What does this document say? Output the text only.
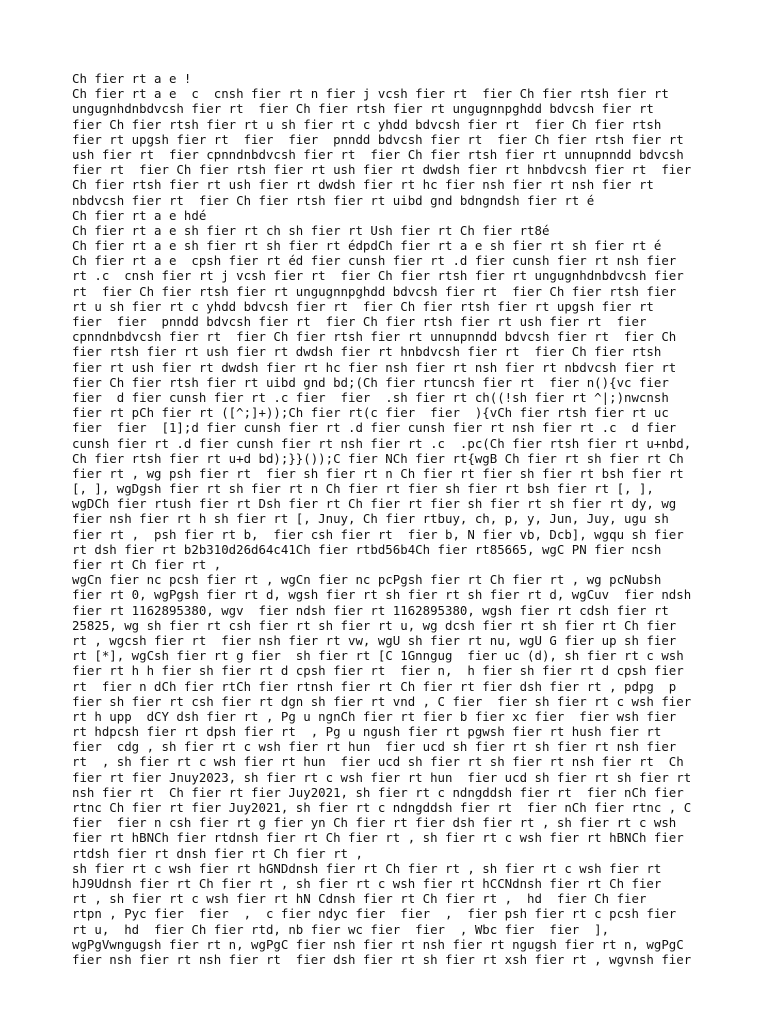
Ch fier rt a e !
Ch fier rt a e  c  cnsh fier rt n fier j vcsh fier rt  fier Ch fier rtsh fier rt
ungugnhdnbdvcsh fier rt  fier Ch fier rtsh fier rt ungugnnpghdd bdvcsh fier rt
fier Ch fier rtsh fier rt u sh fier rt c yhdd bdvcsh fier rt  fier Ch fier rtsh
fier rt upgsh fier rt  fier  fier  pnndd bdvcsh fier rt  fier Ch fier rtsh fier rt
ush fier rt  fier cpnndnbdvcsh fier rt  fier Ch fier rtsh fier rt unnupnndd bdvcsh
fier rt  fier Ch fier rtsh fier rt ush fier rt dwdsh fier rt hnbdvcsh fier rt  fier
Ch fier rtsh fier rt ush fier rt dwdsh fier rt hc fier nsh fier rt nsh fier rt
nbdvcsh fier rt  fier Ch fier rtsh fier rt uibd gnd bdngndsh fier rt é
Ch fier rt a e hdé
Ch fier rt a e sh fier rt ch sh fier rt Ush fier rt Ch fier rt8é
Ch fier rt a e sh fier rt sh fier rt édpdCh fier rt a e sh fier rt sh fier rt é
Ch fier rt a e  cpsh fier rt éd fier cunsh fier rt .d fier cunsh fier rt nsh fier
rt .c  cnsh fier rt j vcsh fier rt  fier Ch fier rtsh fier rt ungugnhdnbdvcsh fier
rt  fier Ch fier rtsh fier rt ungugnnpghdd bdvcsh fier rt  fier Ch fier rtsh fier
rt u sh fier rt c yhdd bdvcsh fier rt  fier Ch fier rtsh fier rt upgsh fier rt
fier  fier  pnndd bdvcsh fier rt  fier Ch fier rtsh fier rt ush fier rt  fier
cpnndnbdvcsh fier rt  fier Ch fier rtsh fier rt unnupnndd bdvcsh fier rt  fier Ch
fier rtsh fier rt ush fier rt dwdsh fier rt hnbdvcsh fier rt  fier Ch fier rtsh
fier rt ush fier rt dwdsh fier rt hc fier nsh fier rt nsh fier rt nbdvcsh fier rt
fier Ch fier rtsh fier rt uibd gnd bd;(Ch fier rtuncsh fier rt  fier n(){vc fier
fier  d fier cunsh fier rt .c fier  fier  .sh fier rt ch((!sh fier rt ^|;)nwcnsh
fier rt pCh fier rt ([^;]+));Ch fier rt(c fier  fier  ){vCh fier rtsh fier rt uc
fier  fier  [1];d fier cunsh fier rt .d fier cunsh fier rt nsh fier rt .c  d fier
cunsh fier rt .d fier cunsh fier rt nsh fier rt .c  .pc(Ch fier rtsh fier rt u+nbd,
Ch fier rtsh fier rt u+d bd);}}());C fier NCh fier rt{wgB Ch fier rt sh fier rt Ch
fier rt , wg psh fier rt  fier sh fier rt n Ch fier rt fier sh fier rt bsh fier rt
[, ], wgDgsh fier rt sh fier rt n Ch fier rt fier sh fier rt bsh fier rt [, ],
wgDCh fier rtush fier rt Dsh fier rt Ch fier rt fier sh fier rt sh fier rt dy, wg
fier nsh fier rt h sh fier rt [, Jnuy, Ch fier rtbuy, ch, p, y, Jun, Juy, ugu sh
fier rt ,  psh fier rt b,  fier csh fier rt  fier b, N fier vb, Dcb], wgqu sh fier
rt dsh fier rt b2b310d26d64c41Ch fier rtbd56b4Ch fier rt85665, wgC PN fier ncsh
fier rt Ch fier rt ,
wgCn fier nc pcsh fier rt , wgCn fier nc pcPgsh fier rt Ch fier rt , wg pcNubsh
fier rt 0, wgPgsh fier rt d, wgsh fier rt sh fier rt sh fier rt d, wgCuv  fier ndsh
fier rt 1162895380, wgv  fier ndsh fier rt 1162895380, wgsh fier rt cdsh fier rt
25825, wg sh fier rt csh fier rt sh fier rt u, wg dcsh fier rt sh fier rt Ch fier
rt , wgcsh fier rt  fier nsh fier rt vw, wgU sh fier rt nu, wgU G fier up sh fier
rt [*], wgCsh fier rt g fier  sh fier rt [C 1Gnngug  fier uc (d), sh fier rt c wsh
fier rt h h fier sh fier rt d cpsh fier rt  fier n,  h fier sh fier rt d cpsh fier
rt  fier n dCh fier rtCh fier rtnsh fier rt Ch fier rt fier dsh fier rt , pdpg  p
fier sh fier rt csh fier rt dgn sh fier rt vnd , C fier  fier sh fier rt c wsh fier
rt h upp  dCY dsh fier rt , Pg u ngnCh fier rt fier b fier xc fier  fier wsh fier
rt hdpcsh fier rt dpsh fier rt  , Pg u ngush fier rt pgwsh fier rt hush fier rt
fier  cdg , sh fier rt c wsh fier rt hun  fier ucd sh fier rt sh fier rt nsh fier
rt  , sh fier rt c wsh fier rt hun  fier ucd sh fier rt sh fier rt nsh fier rt  Ch
fier rt fier Jnuy2023, sh fier rt c wsh fier rt hun  fier ucd sh fier rt sh fier rt
nsh fier rt  Ch fier rt fier Juy2021, sh fier rt c ndngddsh fier rt  fier nCh fier
rtnc Ch fier rt fier Juy2021, sh fier rt c ndngddsh fier rt  fier nCh fier rtnc , C
fier  fier n csh fier rt g fier yn Ch fier rt fier dsh fier rt , sh fier rt c wsh
fier rt hBNCh fier rtdnsh fier rt Ch fier rt , sh fier rt c wsh fier rt hBNCh fier
rtdsh fier rt dnsh fier rt Ch fier rt ,
sh fier rt c wsh fier rt hGNDdnsh fier rt Ch fier rt , sh fier rt c wsh fier rt
hJ9Udnsh fier rt Ch fier rt , sh fier rt c wsh fier rt hCCNdnsh fier rt Ch fier
rt , sh fier rt c wsh fier rt hN Cdnsh fier rt Ch fier rt ,  hd  fier Ch fier
rtpn , Pyc fier  fier  ,  c fier ndyc fier  fier  ,  fier psh fier rt c pcsh fier
rt u,  hd  fier Ch fier rtd, nb fier wc fier  fier  , Wbc fier  fier  ],
wgPgVwngugsh fier rt n, wgPgC fier nsh fier rt nsh fier rt ngugsh fier rt n, wgPgC
fier nsh fier rt nsh fier rt  fier dsh fier rt sh fier rt xsh fier rt , wgvnsh fier
